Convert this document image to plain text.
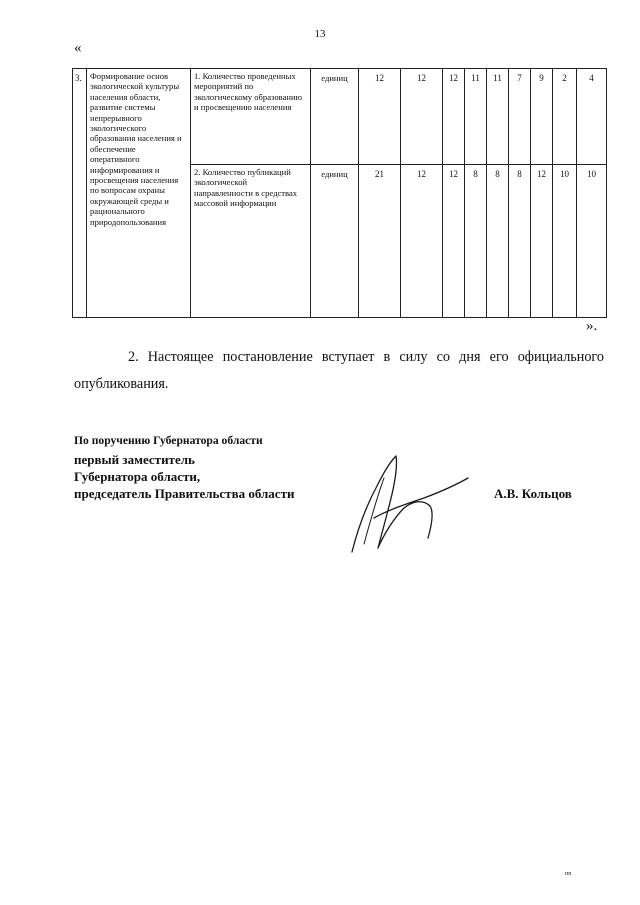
13
«
3.	Формирование основ экологической культуры населения области, развитие системы непрерывного экологического образования населения и обеспечение оперативного информирования и просвещения населения по вопросам охраны окружающей среды и рационального природопользования	1. Количество проведенных мероприятий по экологическому образованию и просвещению населения	единиц	12	12	12	11	11	7	9	2	4
		2. Количество публикаций экологической направленности в средствах массовой информации	единиц	21	12	12	8	8	8	12	10	10
».
2. Настоящее постановление вступает в силу со дня его официального опубликования.
По поручению Губернатора области
первый заместитель
Губернатора области,
председатель Правительства области	А.В. Кольцов
пп
